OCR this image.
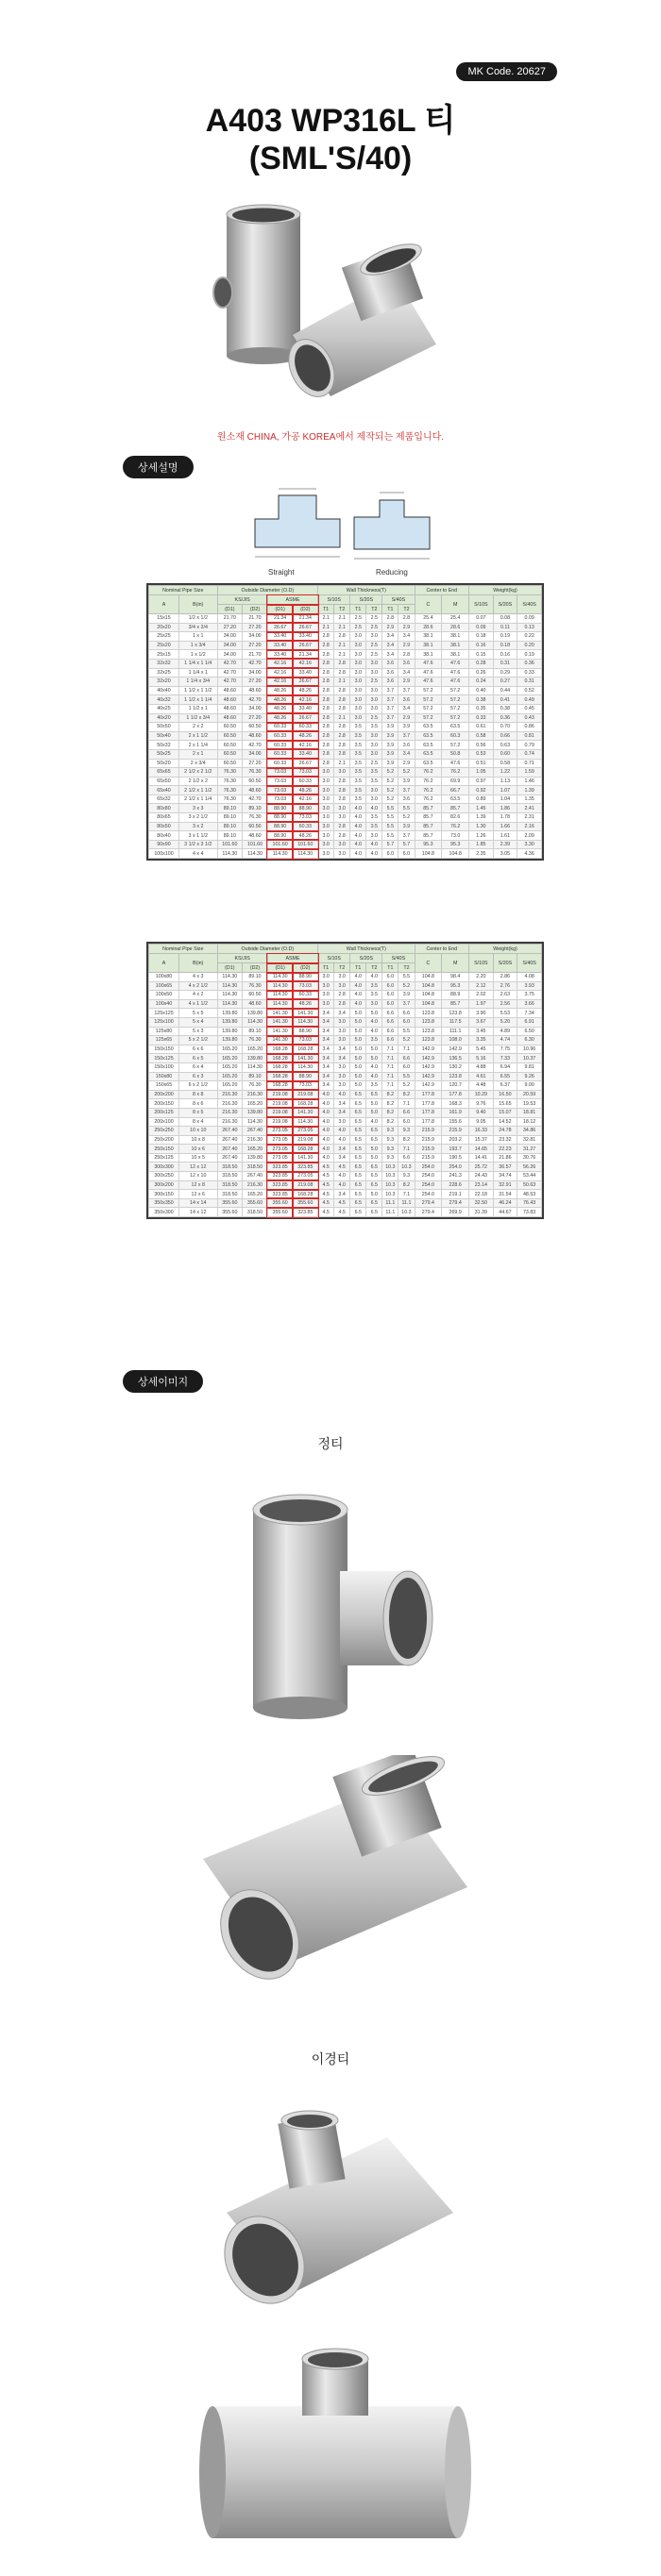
MK Code. 20627
A403 WP316L 티
(SML'S/40)
원소재 CHINA, 가공 KOREA에서 제작되는 제품입니다.
상세설명
Straight	Reducing
Nominal Pipe Size		Outside Diameter (O.D)				Wall Thickness(T)						Center to End		Weight(kg)		
A	B(in)	KS/JIS		ASME		S/10S		S/20S		S/40S		C	M	S/10S	S/20S	S/40S
		(D1)	(D2)	(D1)	(D2)	T1	T2	T1	T2	T1	T2					
15x15	1/2 x 1/2	21.70	21.70	21.34	21.34	2.1	2.1	2.5	2.5	2.8	2.8	25.4	25.4	0.07	0.08	0.09
20x20	3/4 x 3/4	27.20	27.20	26.67	26.67	2.1	2.1	2.5	2.5	2.9	2.9	28.6	28.6	0.09	0.11	0.13
25x25	1 x 1	34.00	34.00	33.40	33.40	2.8	2.8	3.0	3.0	3.4	3.4	38.1	38.1	0.18	0.19	0.22
25x20	1 x 3/4	34.00	27.20	33.40	26.67	2.8	2.1	3.0	2.5	3.4	2.9	38.1	38.1	0.16	0.18	0.20
25x15	1 x 1/2	34.00	21.70	33.40	21.34	2.8	2.1	3.0	2.5	3.4	2.8	38.1	38.1	0.15	0.16	0.19
32x32	1 1/4 x 1 1/4	42.70	42.70	42.16	42.16	2.8	2.8	3.0	3.0	3.6	3.6	47.6	47.6	0.28	0.31	0.36
32x25	1 1/4 x 1	42.70	34.00	42.16	33.40	2.8	2.8	3.0	3.0	3.6	3.4	47.6	47.6	0.26	0.29	0.33
32x20	1 1/4 x 3/4	42.70	27.20	42.16	26.67	2.8	2.1	3.0	2.5	3.6	2.9	47.6	47.6	0.24	0.27	0.31
40x40	1 1/2 x 1 1/2	48.60	48.60	48.26	48.26	2.8	2.8	3.0	3.0	3.7	3.7	57.2	57.2	0.40	0.44	0.52
40x32	1 1/2 x 1 1/4	48.60	42.70	48.26	42.16	2.8	2.8	3.0	3.0	3.7	3.6	57.2	57.2	0.38	0.41	0.49
40x25	1 1/2 x 1	48.60	34.00	48.26	33.40	2.8	2.8	3.0	3.0	3.7	3.4	57.2	57.2	0.35	0.38	0.45
40x20	1 1/2 x 3/4	48.60	27.20	48.26	26.67	2.8	2.1	3.0	2.5	3.7	2.9	57.2	57.2	0.33	0.36	0.43
50x50	2 x 2	60.50	60.50	60.33	60.33	2.8	2.8	3.5	3.5	3.9	3.9	63.5	63.5	0.61	0.70	0.86
50x40	2 x 1 1/2	60.50	48.60	60.33	48.26	2.8	2.8	3.5	3.0	3.9	3.7	63.5	60.3	0.58	0.66	0.81
50x32	2 x 1 1/4	60.50	42.70	60.33	42.16	2.8	2.8	3.5	3.0	3.9	3.6	63.5	57.2	0.56	0.63	0.79
50x25	2 x 1	60.50	34.00	60.33	33.40	2.8	2.8	3.5	3.0	3.9	3.4	63.5	50.8	0.53	0.60	0.74
50x20	2 x 3/4	60.50	27.20	60.33	26.67	2.8	2.1	3.5	2.5	3.9	2.9	63.5	47.6	0.51	0.58	0.71
65x65	2 1/2 x 2 1/2	76.30	76.30	73.03	73.03	3.0	3.0	3.5	3.5	5.2	5.2	76.2	76.2	1.05	1.22	1.59
65x50	2 1/2 x 2	76.30	60.50	73.03	60.33	3.0	2.8	3.5	3.5	5.2	3.9	76.2	69.9	0.97	1.13	1.46
65x40	2 1/2 x 1 1/2	76.30	48.60	73.03	48.26	3.0	2.8	3.5	3.0	5.2	3.7	76.2	66.7	0.92	1.07	1.39
65x32	2 1/2 x 1 1/4	76.30	42.70	73.03	42.16	3.0	2.8	3.5	3.0	5.2	3.6	76.2	63.5	0.89	1.04	1.35
80x80	3 x 3	89.10	89.10	88.90	88.90	3.0	3.0	4.0	4.0	5.5	5.5	85.7	85.7	1.45	1.86	2.41
80x65	3 x 2 1/2	89.10	76.30	88.90	73.03	3.0	3.0	4.0	3.5	5.5	5.2	85.7	82.6	1.39	1.78	2.31
80x50	3 x 2	89.10	60.50	88.90	60.33	3.0	2.8	4.0	3.5	5.5	3.9	85.7	76.2	1.30	1.66	2.16
80x40	3 x 1 1/2	89.10	48.60	88.90	48.26	3.0	2.8	4.0	3.0	5.5	3.7	85.7	73.0	1.26	1.61	2.09
90x90	3 1/2 x 3 1/2	101.60	101.60	101.60	101.60	3.0	3.0	4.0	4.0	5.7	5.7	95.3	95.3	1.85	2.39	3.30
100x100	4 x 4	114.30	114.30	114.30	114.30	3.0	3.0	4.0	4.0	6.0	6.0	104.8	104.8	2.35	3.05	4.36
Nominal Pipe Size		Outside Diameter (O.D)				Wall Thickness(T)						Center to End		Weight(kg)		
A	B(in)	KS/JIS		ASME		S/10S		S/20S		S/40S		C	M	S/10S	S/20S	S/40S
		(D1)	(D2)	(D1)	(D2)	T1	T2	T1	T2	T1	T2					
100x80	4 x 3	114.30	89.10	114.30	88.90	3.0	3.0	4.0	4.0	6.0	5.5	104.8	98.4	2.20	2.86	4.08
100x65	4 x 2 1/2	114.30	76.30	114.30	73.03	3.0	3.0	4.0	3.5	6.0	5.2	104.8	95.3	2.12	2.76	3.93
100x50	4 x 2	114.30	60.50	114.30	60.33	3.0	2.8	4.0	3.5	6.0	3.9	104.8	88.9	2.02	2.63	3.75
100x40	4 x 1 1/2	114.30	48.60	114.30	48.26	3.0	2.8	4.0	3.0	6.0	3.7	104.8	85.7	1.97	2.56	3.66
125x125	5 x 5	139.80	139.80	141.30	141.30	3.4	3.4	5.0	5.0	6.6	6.6	123.8	123.8	3.90	5.53	7.34
125x100	5 x 4	139.80	114.30	141.30	114.30	3.4	3.0	5.0	4.0	6.6	6.0	123.8	117.5	3.67	5.20	6.91
125x80	5 x 3	139.80	89.10	141.30	88.90	3.4	3.0	5.0	4.0	6.6	5.5	123.8	111.1	3.45	4.89	6.50
125x65	5 x 2 1/2	139.80	76.30	141.30	73.03	3.4	3.0	5.0	3.5	6.6	5.2	123.8	108.0	3.35	4.74	6.30
150x150	6 x 6	165.20	165.20	168.28	168.28	3.4	3.4	5.0	5.0	7.1	7.1	142.9	142.9	5.45	7.75	10.96
150x125	6 x 5	165.20	139.80	168.28	141.30	3.4	3.4	5.0	5.0	7.1	6.6	142.9	136.5	5.16	7.33	10.37
150x100	6 x 4	165.20	114.30	168.28	114.30	3.4	3.0	5.0	4.0	7.1	6.0	142.9	130.2	4.88	6.94	9.81
150x80	6 x 3	165.20	89.10	168.28	88.90	3.4	3.0	5.0	4.0	7.1	5.5	142.9	123.8	4.61	6.55	9.26
150x65	6 x 2 1/2	165.20	76.30	168.28	73.03	3.4	3.0	5.0	3.5	7.1	5.2	142.9	120.7	4.48	6.37	9.00
200x200	8 x 8	216.30	216.30	219.08	219.08	4.0	4.0	6.5	6.5	8.2	8.2	177.8	177.8	10.29	16.50	20.59
200x150	8 x 6	216.30	165.20	219.08	168.28	4.0	3.4	6.5	5.0	8.2	7.1	177.8	168.3	9.76	15.65	19.53
200x125	8 x 5	216.30	139.80	219.08	141.30	4.0	3.4	6.5	5.0	8.2	6.6	177.8	161.9	9.40	15.07	18.81
200x100	8 x 4	216.30	114.30	219.08	114.30	4.0	3.0	6.5	4.0	8.2	6.0	177.8	155.6	9.05	14.52	18.12
250x250	10 x 10	267.40	267.40	273.05	273.05	4.0	4.0	6.5	6.5	9.3	9.3	215.9	215.9	16.33	24.78	34.86
250x200	10 x 8	267.40	216.30	273.05	219.08	4.0	4.0	6.5	6.5	9.3	8.2	215.9	203.2	15.37	23.32	32.81
250x150	10 x 6	267.40	165.20	273.05	168.28	4.0	3.4	6.5	5.0	9.3	7.1	215.9	193.7	14.65	22.23	31.27
250x125	10 x 5	267.40	139.80	273.05	141.30	4.0	3.4	6.5	5.0	9.3	6.6	215.9	190.5	14.41	21.86	30.76
300x300	12 x 12	318.50	318.50	323.85	323.85	4.5	4.5	6.5	6.5	10.3	10.3	254.0	254.0	25.72	36.57	56.26
300x250	12 x 10	318.50	267.40	323.85	273.05	4.5	4.0	6.5	6.5	10.3	9.3	254.0	241.3	24.43	34.74	53.44
300x200	12 x 8	318.50	216.30	323.85	219.08	4.5	4.0	6.5	6.5	10.3	8.2	254.0	228.6	23.14	32.91	50.63
300x150	12 x 6	318.50	165.20	323.85	168.28	4.5	3.4	6.5	5.0	10.3	7.1	254.0	219.1	22.18	31.54	48.53
350x350	14 x 14	355.60	355.60	355.60	355.60	4.5	4.5	6.5	6.5	11.1	11.1	279.4	279.4	32.50	46.24	76.43
350x300	14 x 12	355.60	318.50	355.60	323.85	4.5	4.5	6.5	6.5	11.1	10.3	279.4	269.9	31.39	44.67	73.83
상세이미지
정티
이경티
